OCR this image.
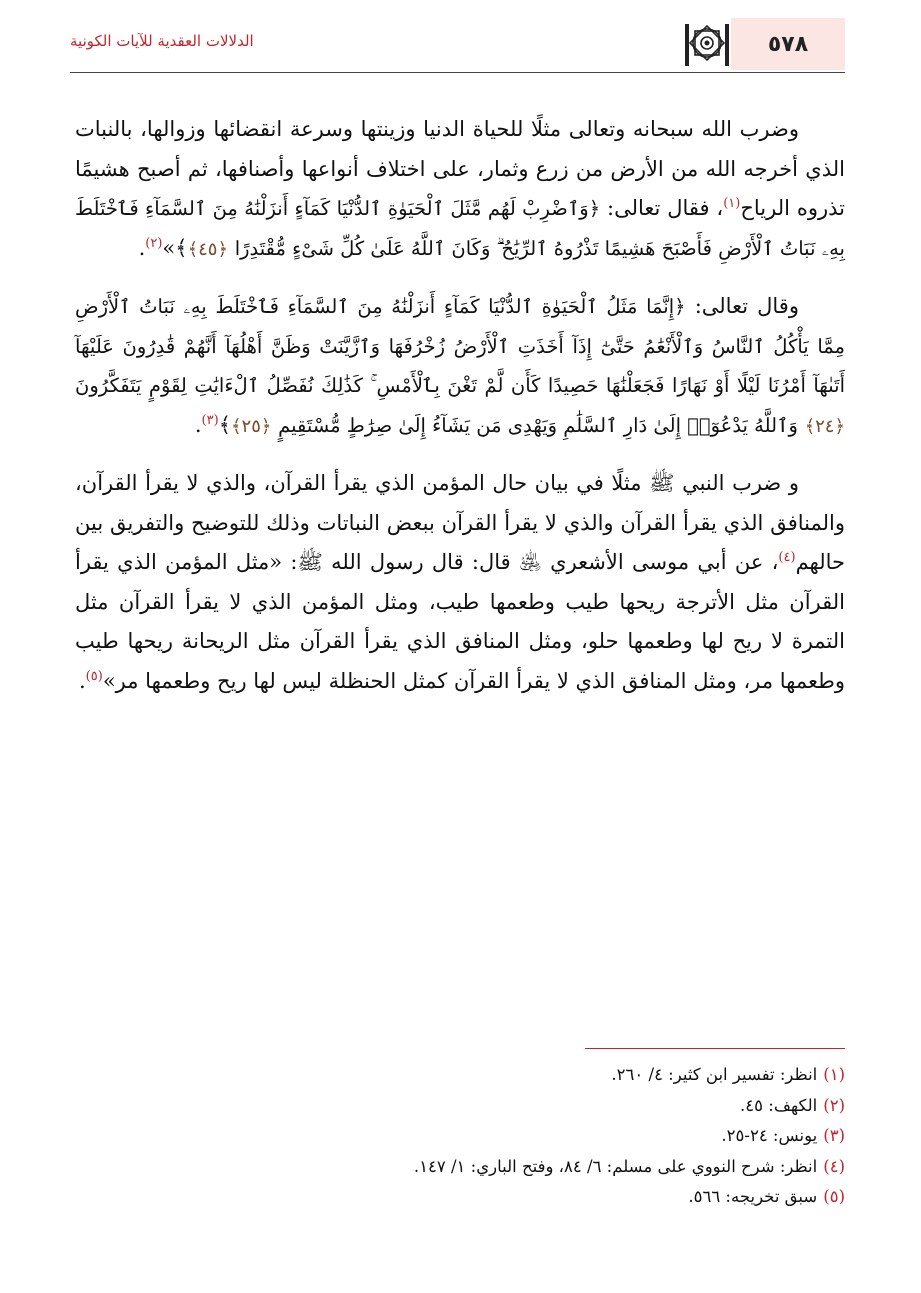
٥٧٨
الدلالات العقدية للآيات الكونية

وضرب الله سبحانه وتعالى مثلًا للحياة الدنيا وزينتها وسرعة انقضائها وزوالها، بالنبات الذي أخرجه الله من الأرض من زرع وثمار، على اختلاف أنواعها وأصنافها، ثم أصبح هشيمًا تذروه الرياح$^{(١)}$، فقال تعالى: ﴿وَٱضْرِبْ لَهُم مَّثَلَ ٱلْحَيَوٰةِ ٱلدُّنْيَا كَمَآءٍ أَنزَلْنَٰهُ مِنَ ٱلسَّمَآءِ فَٱخْتَلَطَ بِهِۦ نَبَاتُ ٱلْأَرْضِ فَأَصْبَحَ هَشِيمًا تَذْرُوهُ ٱلرِّيَٰحُ ۗ وَكَانَ ٱللَّهُ عَلَىٰ كُلِّ شَىْءٍ مُّقْتَدِرًا ﴿٤٥﴾﴾»$^{(٢)}$.

وقال تعالى: ﴿إِنَّمَا مَثَلُ ٱلْحَيَوٰةِ ٱلدُّنْيَا كَمَآءٍ أَنزَلْنَٰهُ مِنَ ٱلسَّمَآءِ فَٱخْتَلَطَ بِهِۦ نَبَاتُ ٱلْأَرْضِ مِمَّا يَأْكُلُ ٱلنَّاسُ وَٱلْأَنْعَٰمُ حَتَّىٰٓ إِذَآ أَخَذَتِ ٱلْأَرْضُ زُخْرُفَهَا وَٱزَّيَّنَتْ وَظَنَّ أَهْلُهَآ أَنَّهُمْ قَٰدِرُونَ عَلَيْهَآ أَتَىٰهَآ أَمْرُنَا لَيْلًا أَوْ نَهَارًا فَجَعَلْنَٰهَا حَصِيدًا كَأَن لَّمْ تَغْنَ بِٱلْأَمْسِ ۚ كَذَٰلِكَ نُفَصِّلُ ٱلْءَايَٰتِ لِقَوْمٍ يَتَفَكَّرُونَ ﴿٢٤﴾ وَٱللَّهُ يَدْعُوٓا۟ إِلَىٰ دَارِ ٱلسَّلَٰمِ وَيَهْدِى مَن يَشَآءُ إِلَىٰ صِرَٰطٍ مُّسْتَقِيمٍ ﴿٢٥﴾﴾$^{(٣)}$.

و ضرب النبي ﷺ مثلًا في بيان حال المؤمن الذي يقرأ القرآن، والذي لا يقرأ القرآن، والمنافق الذي يقرأ القرآن والذي لا يقرأ القرآن ببعض النباتات وذلك للتوضيح والتفريق بين حالهم$^{(٤)}$، عن أبي موسى الأشعري ﵁ قال: قال رسول الله ﷺ: «مثل المؤمن الذي يقرأ القرآن مثل الأترجة ريحها طيب وطعمها طيب، ومثل المؤمن الذي لا يقرأ القرآن مثل التمرة لا ريح لها وطعمها حلو، ومثل المنافق الذي يقرأ القرآن مثل الريحانة ريحها طيب وطعمها مر، ومثل المنافق الذي لا يقرأ القرآن كمثل الحنظلة ليس لها ريح وطعمها مر»$^{(٥)}$.

(١)انظر: تفسير ابن كثير: ٤/ ٢٦٠.

(٢)الكهف: ٤٥.

(٣)يونس: ٢٤-٢٥.

(٤)انظر: شرح النووي على مسلم: ٦/ ٨٤، وفتح الباري: ١/ ١٤٧.

(٥)سبق تخريجه: ٥٦٦.
